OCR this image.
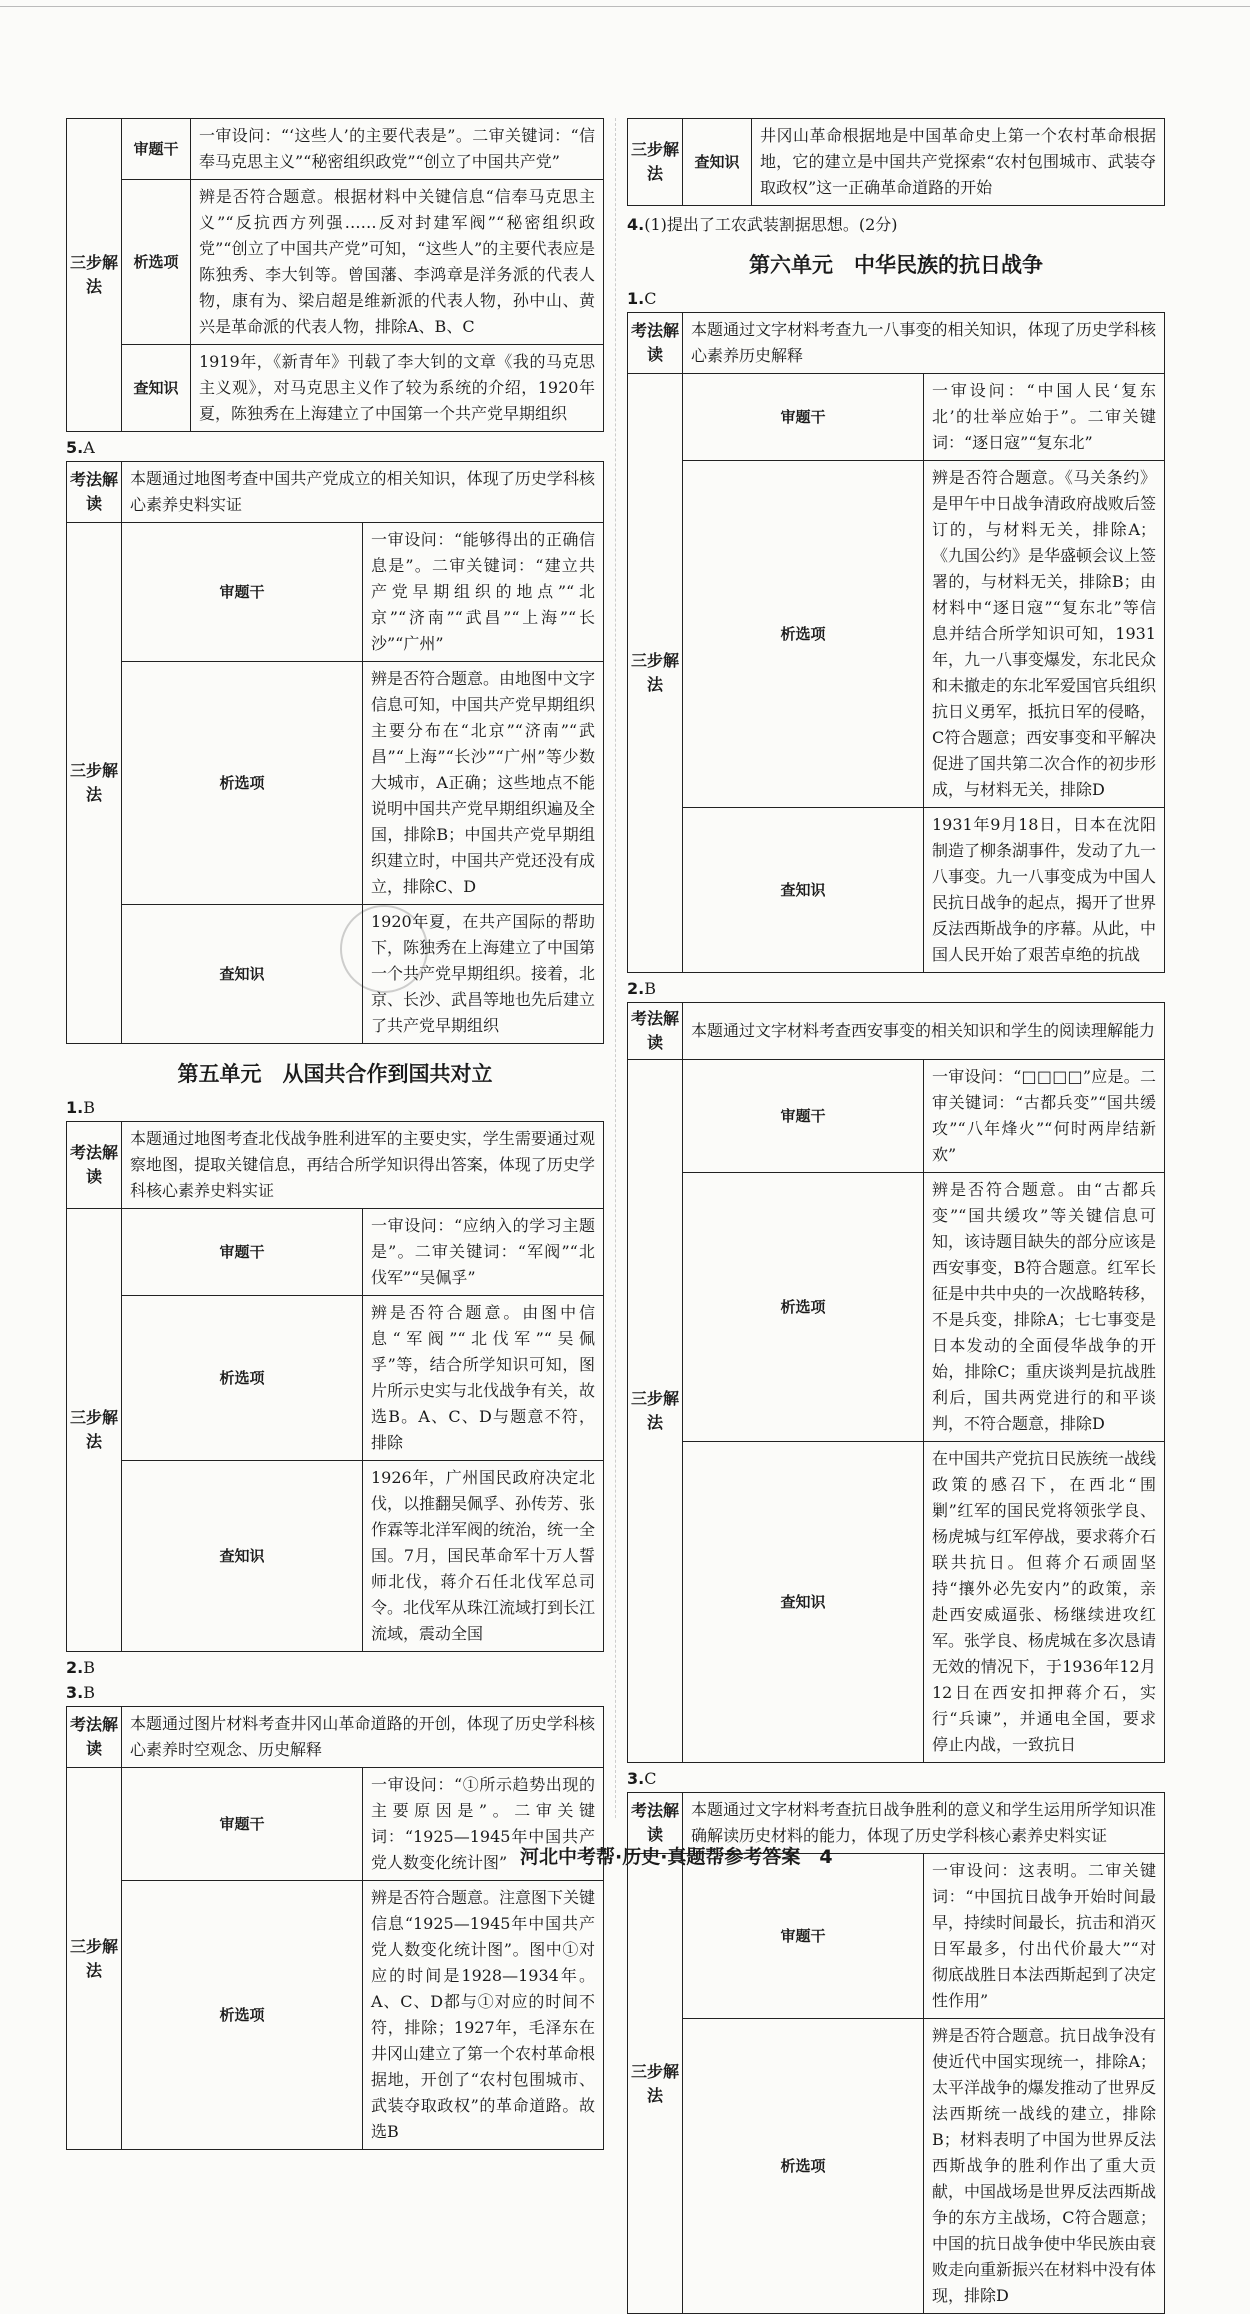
三步解法	审题干	一审设问：“‘这些人’的主要代表是”。二审关键词：“信奉马克思主义”“秘密组织政党”“创立了中国共产党”
	析选项	辨是否符合题意。根据材料中关键信息“信奉马克思主义”“反抗西方列强……反对封建军阀”“秘密组织政党”“创立了中国共产党”可知，“这些人”的主要代表应是陈独秀、李大钊等。曾国藩、李鸿章是洋务派的代表人物，康有为、梁启超是维新派的代表人物，孙中山、黄兴是革命派的代表人物，排除A、B、C
	查知识	1919年，《新青年》刊载了李大钊的文章《我的马克思主义观》，对马克思主义作了较为系统的介绍，1920年夏，陈独秀在上海建立了中国第一个共产党早期组织
5.A
考法解读	本题通过地图考查中国共产党成立的相关知识，体现了历史学科核心素养史料实证	
三步解法	审题干	一审设问：“能够得出的正确信息是”。二审关键词：“建立共产党早期组织的地点”“北京”“济南”“武昌”“上海”“长沙”“广州”
	析选项	辨是否符合题意。由地图中文字信息可知，中国共产党早期组织主要分布在“北京”“济南”“武昌”“上海”“长沙”“广州”等少数大城市，A正确；这些地点不能说明中国共产党早期组织遍及全国，排除B；中国共产党早期组织建立时，中国共产党还没有成立，排除C、D
	查知识	1920年夏，在共产国际的帮助下，陈独秀在上海建立了中国第一个共产党早期组织。接着，北京、长沙、武昌等地也先后建立了共产党早期组织
第五单元　从国共合作到国共对立
1.B
考法解读	本题通过地图考查北伐战争胜利进军的主要史实，学生需要通过观察地图，提取关键信息，再结合所学知识得出答案，体现了历史学科核心素养史料实证	
三步解法	审题干	一审设问：“应纳入的学习主题是”。二审关键词：“军阀”“北伐军”“吴佩孚”
	析选项	辨是否符合题意。由图中信息“军阀”“北伐军”“吴佩孚”等，结合所学知识可知，图片所示史实与北伐战争有关，故选B。A、C、D与题意不符，排除
	查知识	1926年，广州国民政府决定北伐，以推翻吴佩孚、孙传芳、张作霖等北洋军阀的统治，统一全国。7月，国民革命军十万人誓师北伐，蒋介石任北伐军总司令。北伐军从珠江流域打到长江流域，震动全国
2.B
3.B
考法解读	本题通过图片材料考查井冈山革命道路的开创，体现了历史学科核心素养时空观念、历史解释	
三步解法	审题干	一审设问：“①所示趋势出现的主要原因是”。二审关键词：“1925—1945年中国共产党人数变化统计图”
	析选项	辨是否符合题意。注意图下关键信息“1925—1945年中国共产党人数变化统计图”。图中①对应的时间是1928—1934年。A、C、D都与①对应的时间不符，排除；1927年，毛泽东在井冈山建立了第一个农村革命根据地，开创了“农村包围城市、武装夺取政权”的革命道路。故选B
三步解法	查知识	井冈山革命根据地是中国革命史上第一个农村革命根据地，它的建立是中国共产党探索“农村包围城市、武装夺取政权”这一正确革命道路的开始
4.(1)提出了工农武装割据思想。(2分)
第六单元　中华民族的抗日战争
1.C
考法解读	本题通过文字材料考查九一八事变的相关知识，体现了历史学科核心素养历史解释	
三步解法	审题干	一审设问：“中国人民‘复东北’的壮举应始于”。二审关键词：“逐日寇”“复东北”
	析选项	辨是否符合题意。《马关条约》是甲午中日战争清政府战败后签订的，与材料无关，排除A；《九国公约》是华盛顿会议上签署的，与材料无关，排除B；由材料中“逐日寇”“复东北”等信息并结合所学知识可知，1931年，九一八事变爆发，东北民众和未撤走的东北军爱国官兵组织抗日义勇军，抵抗日军的侵略，C符合题意；西安事变和平解决促进了国共第二次合作的初步形成，与材料无关，排除D
	查知识	1931年9月18日，日本在沈阳制造了柳条湖事件，发动了九一八事变。九一八事变成为中国人民抗日战争的起点，揭开了世界反法西斯战争的序幕。从此，中国人民开始了艰苦卓绝的抗战
2.B
考法解读	本题通过文字材料考查西安事变的相关知识和学生的阅读理解能力	
三步解法	审题干	一审设问：“□□□□”应是。二审关键词：“古都兵变”“国共缓攻”“八年烽火”“何时两岸结新欢”
	析选项	辨是否符合题意。由“古都兵变”“国共缓攻”等关键信息可知，该诗题目缺失的部分应该是西安事变，B符合题意。红军长征是中共中央的一次战略转移，不是兵变，排除A；七七事变是日本发动的全面侵华战争的开始，排除C；重庆谈判是抗战胜利后，国共两党进行的和平谈判，不符合题意，排除D
	查知识	在中国共产党抗日民族统一战线政策的感召下，在西北“围剿”红军的国民党将领张学良、杨虎城与红军停战，要求蒋介石联共抗日。但蒋介石顽固坚持“攘外必先安内”的政策，亲赴西安威逼张、杨继续进攻红军。张学良、杨虎城在多次恳请无效的情况下，于1936年12月12日在西安扣押蒋介石，实行“兵谏”，并通电全国，要求停止内战，一致抗日
3.C
考法解读	本题通过文字材料考查抗日战争胜利的意义和学生运用所学知识准确解读历史材料的能力，体现了历史学科核心素养史料实证	
三步解法	审题干	一审设问：这表明。二审关键词：“中国抗日战争开始时间最早，持续时间最长，抗击和消灭日军最多，付出代价最大”“对彻底战胜日本法西斯起到了决定性作用”
	析选项	辨是否符合题意。抗日战争没有使近代中国实现统一，排除A；太平洋战争的爆发推动了世界反法西斯统一战线的建立，排除B；材料表明了中国为世界反法西斯战争的胜利作出了重大贡献，中国战场是世界反法西斯战争的东方主战场，C符合题意；中国的抗日战争使中华民族由衰败走向重新振兴在材料中没有体现，排除D
河北中考帮·历史·真题帮参考答案　4
